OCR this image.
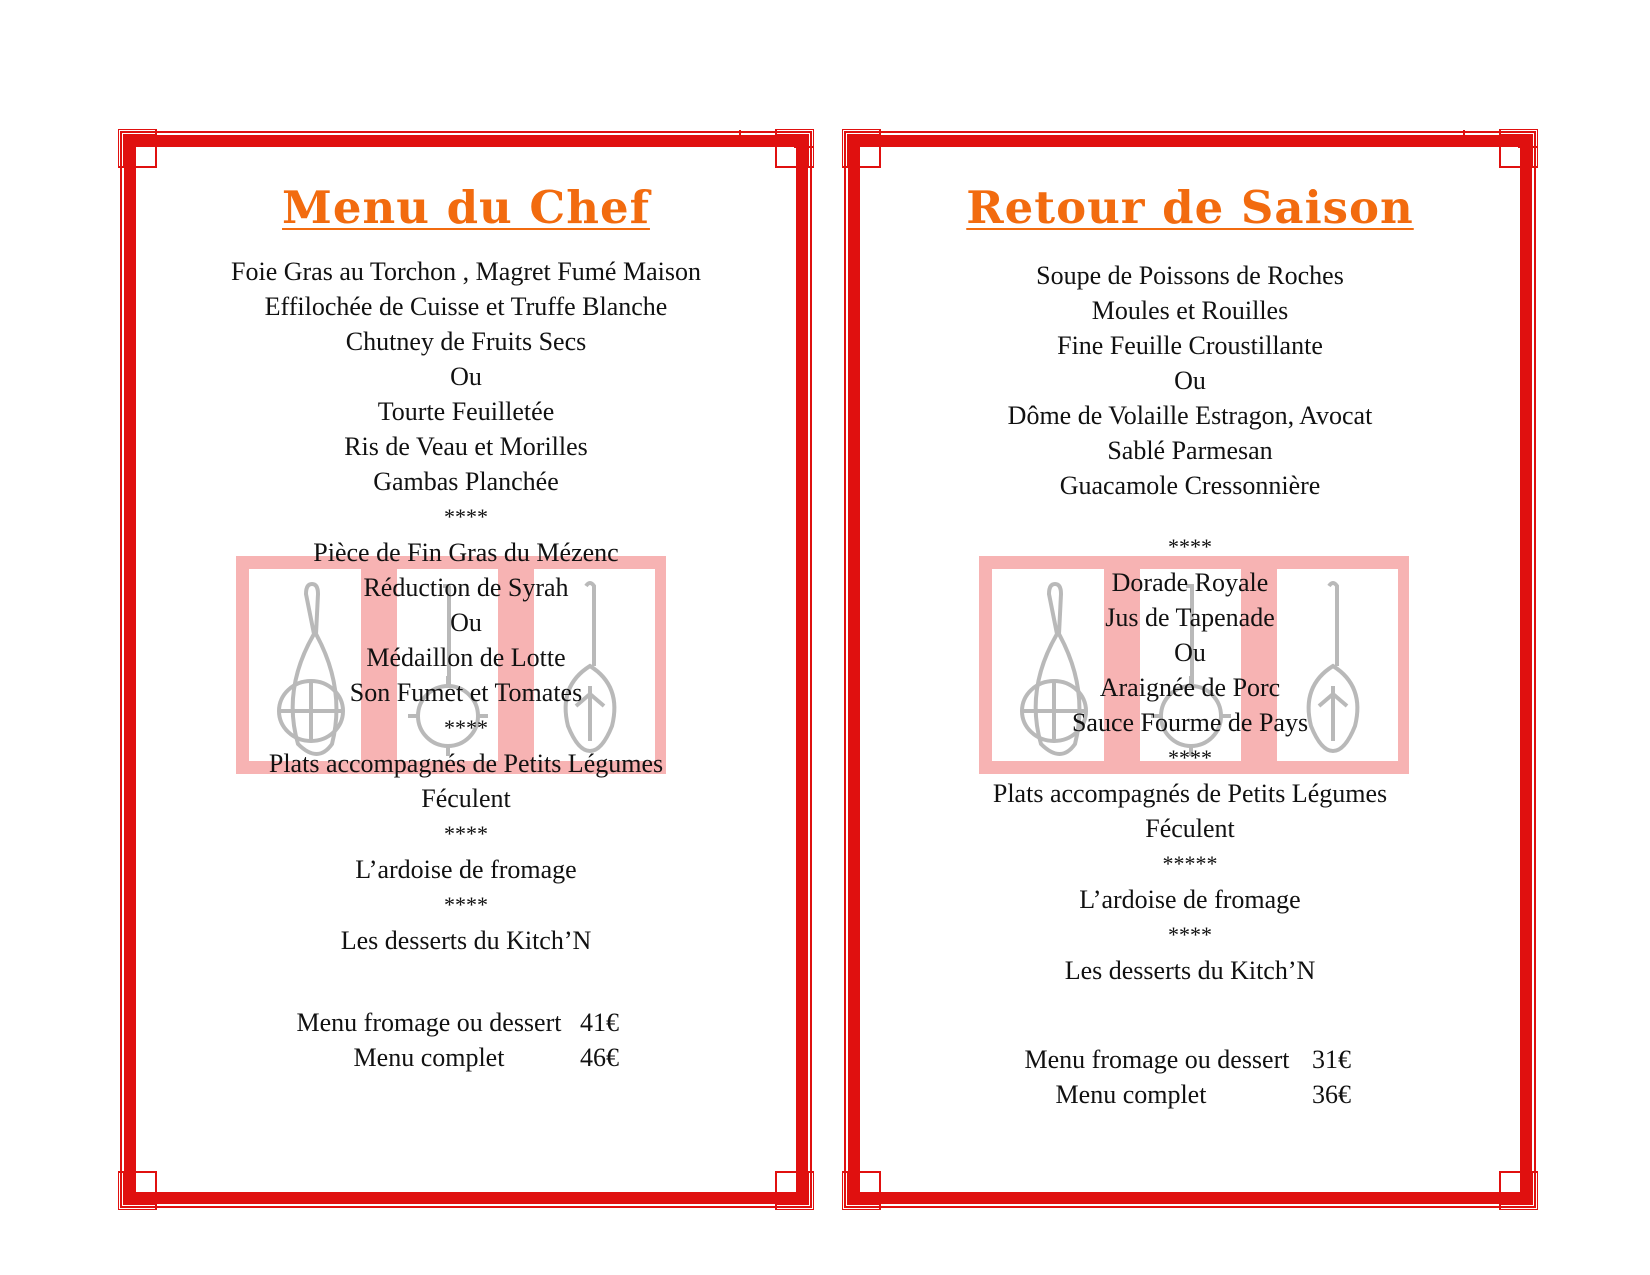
Menu du Chef
Foie Gras au Torchon , Magret Fumé Maison
Effilochée de Cuisse et Truffe Blanche
Chutney de Fruits Secs
Ou
Tourte Feuilletée
Ris de Veau et Morilles
Gambas Planchée
****
Pièce de Fin Gras du Mézenc
Réduction de Syrah
Ou
Médaillon de Lotte
Son Fumet et Tomates
****
Plats accompagnés de Petits Légumes
Féculent
****
L’ardoise de fromage
****
Les desserts du Kitch’N
Menu fromage ou dessert 41€
Menu complet	46€
Retour de Saison
Soupe de Poissons de Roches
Moules et Rouilles
Fine Feuille Croustillante
Ou
Dôme de Volaille Estragon, Avocat
Sablé Parmesan
Guacamole Cressonnière
****
Dorade Royale
Jus de Tapenade
Ou
Araignée de Porc
Sauce Fourme de Pays
****
Plats accompagnés de Petits Légumes
Féculent
*****
L’ardoise de fromage
****
Les desserts du Kitch’N
Menu fromage ou dessert 31€
Menu complet	36€
